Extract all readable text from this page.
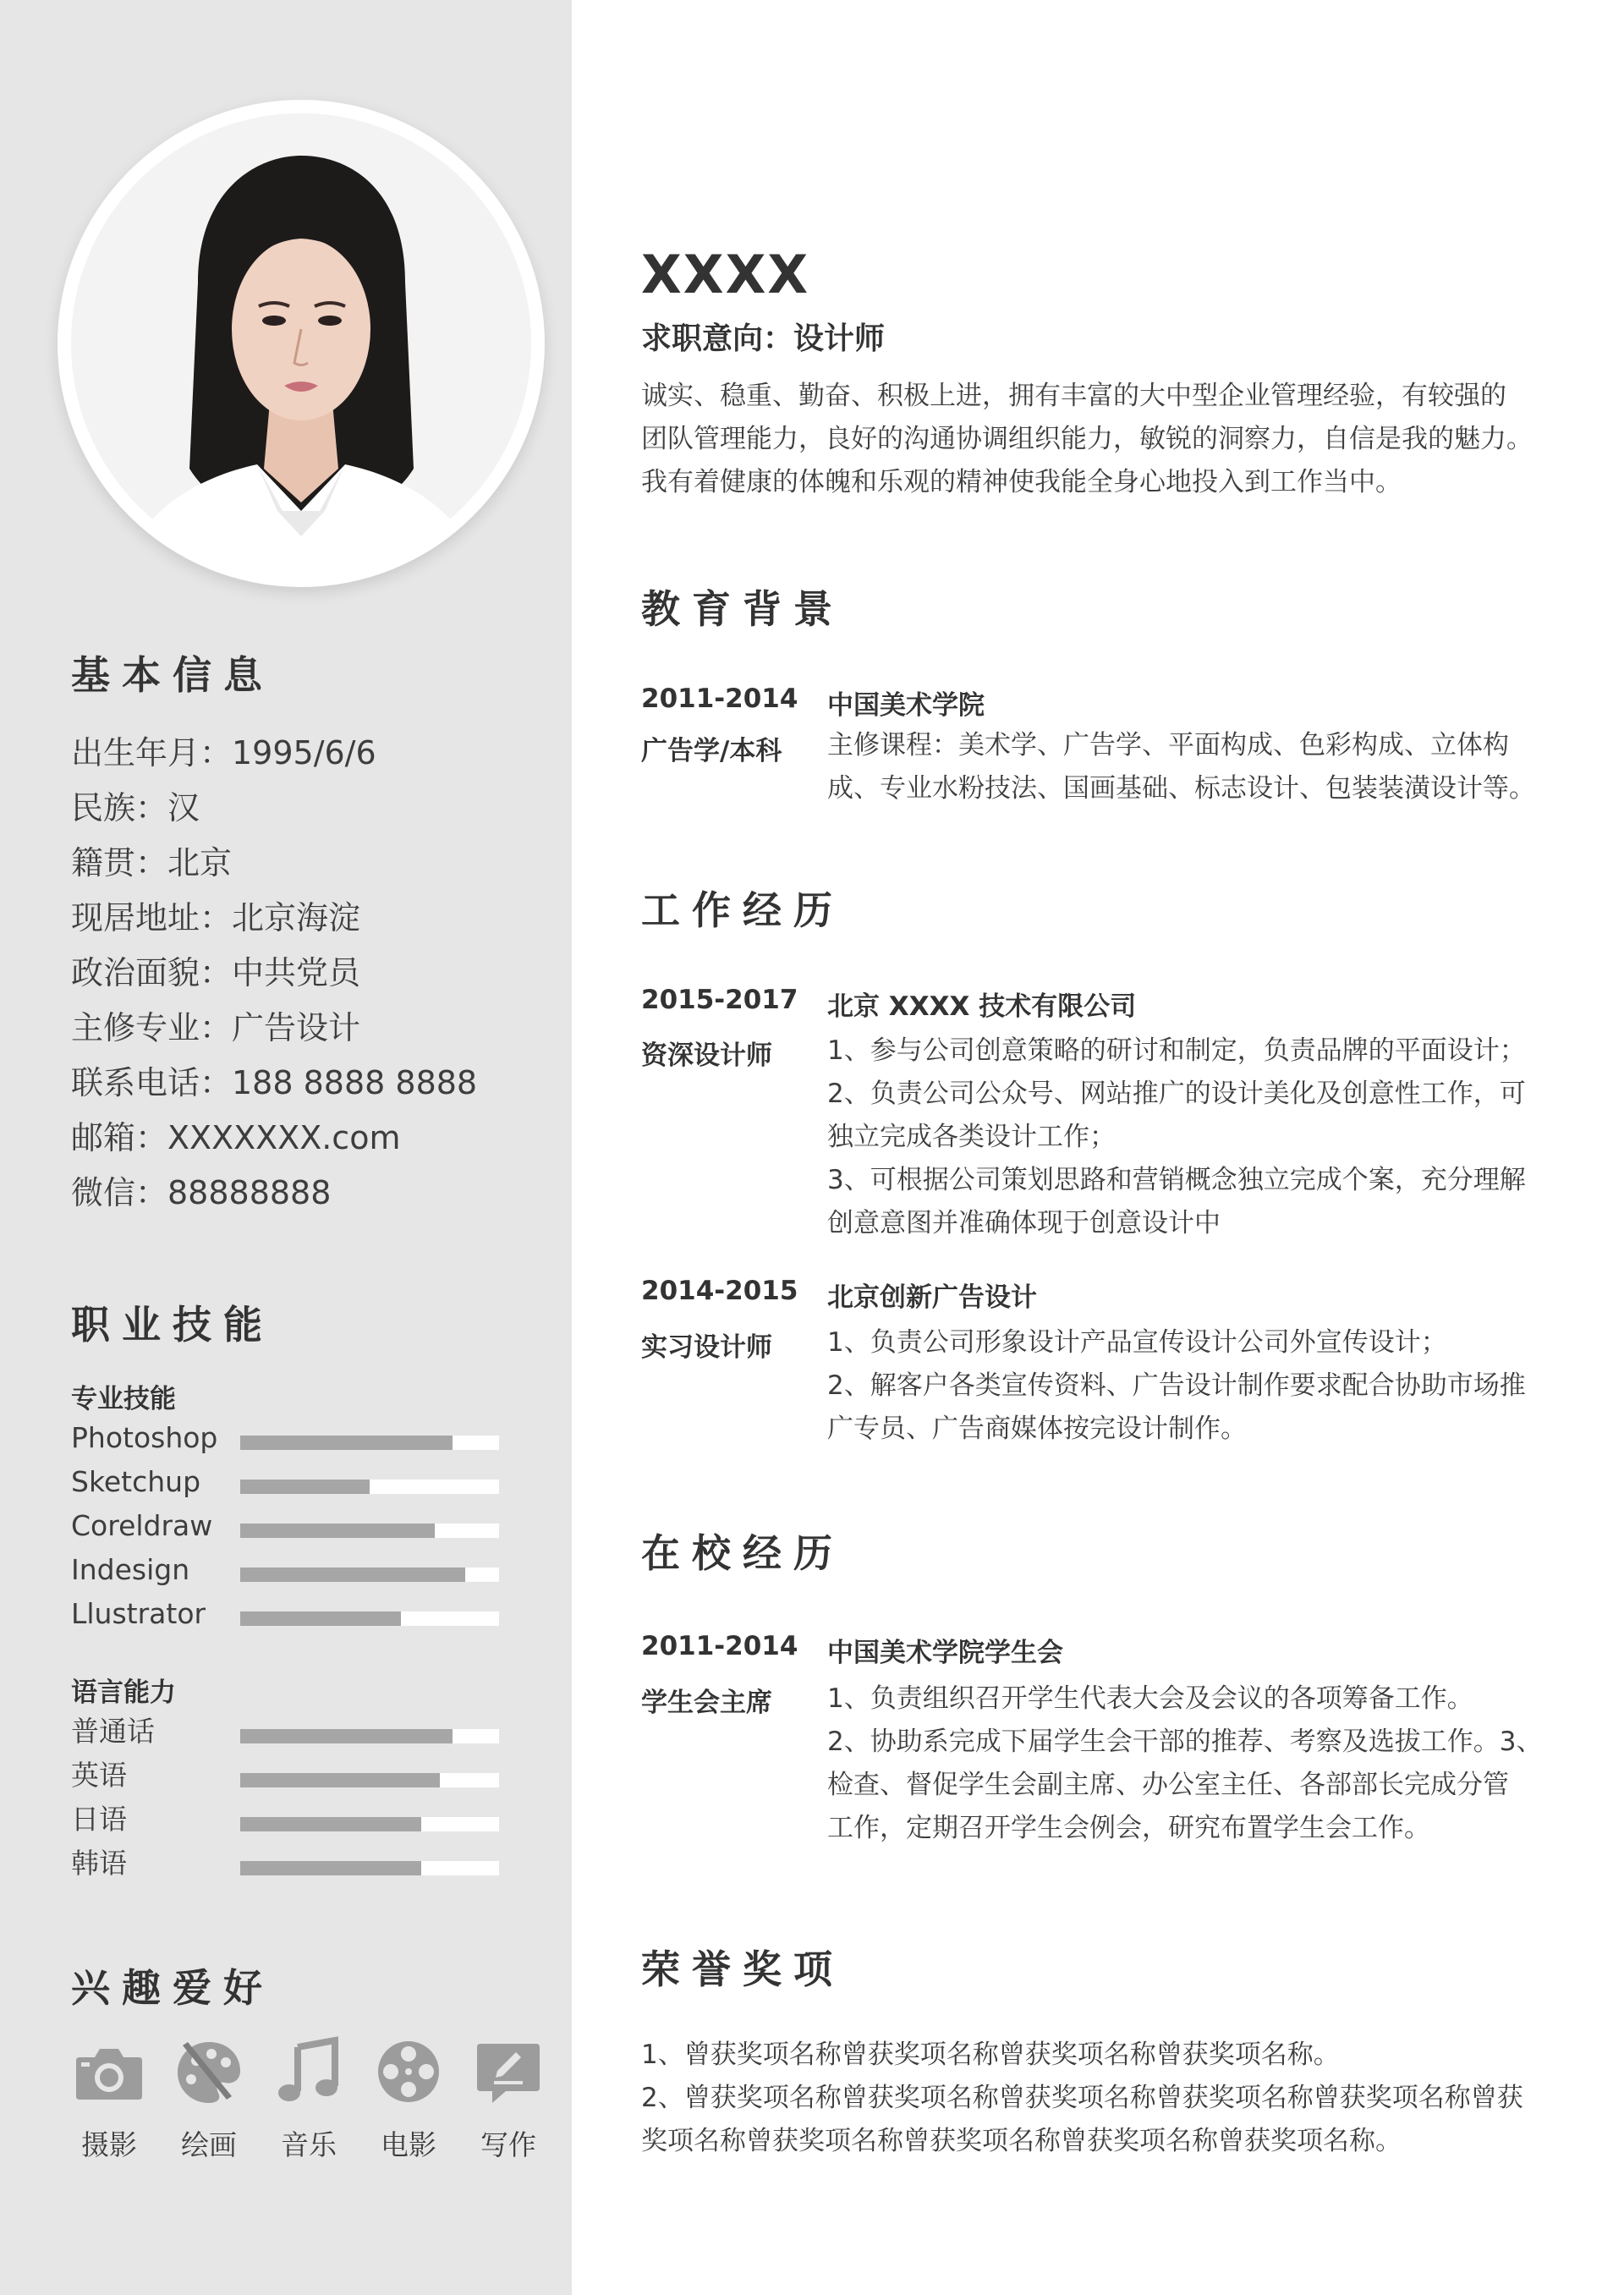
基本信息
出生年月：1995/6/6
民族：汉
籍贯：北京
现居地址：北京海淀
政治面貌：中共党员
主修专业：广告设计
联系电话：188 8888 8888
邮箱：XXXXXXX.com
微信：88888888
职业技能
专业技能
Photoshop
Sketchup
Coreldraw
Indesign
Llustrator
语言能力
普通话
英语
日语
韩语
兴趣爱好
摄影	绘画	音乐	电影	写作
XXXX
求职意向：设计师
诚实、稳重、勤奋、积极上进，拥有丰富的大中型企业管理经验，有较强的
团队管理能力，良好的沟通协调组织能力，敏锐的洞察力，自信是我的魅力。
我有着健康的体魄和乐观的精神使我能全身心地投入到工作当中。
教育背景
2011-2014 中国美术学院
广告学/本科 主修课程：美术学、广告学、平面构成、色彩构成、立体构
成、专业水粉技法、国画基础、标志设计、包装装潢设计等。
工作经历
2015-2017 北京 XXXX 技术有限公司
资深设计师 1、参与公司创意策略的研讨和制定，负责品牌的平面设计；
2、负责公司公众号、网站推广的设计美化及创意性工作，可
独立完成各类设计工作；
3、可根据公司策划思路和营销概念独立完成个案，充分理解
创意意图并准确体现于创意设计中
2014-2015 北京创新广告设计
实习设计师 1、负责公司形象设计产品宣传设计公司外宣传设计；
2、解客户各类宣传资料、广告设计制作要求配合协助市场推
广专员、广告商媒体按完设计制作。
在校经历
2011-2014 中国美术学院学生会
学生会主席 1、负责组织召开学生代表大会及会议的各项筹备工作。
2、协助系完成下届学生会干部的推荐、考察及选拔工作。3、
检查、督促学生会副主席、办公室主任、各部部长完成分管
工作，定期召开学生会例会，研究布置学生会工作。
荣誉奖项
1、曾获奖项名称曾获奖项名称曾获奖项名称曾获奖项名称。
2、曾获奖项名称曾获奖项名称曾获奖项名称曾获奖项名称曾获奖项名称曾获
奖项名称曾获奖项名称曾获奖项名称曾获奖项名称曾获奖项名称。
